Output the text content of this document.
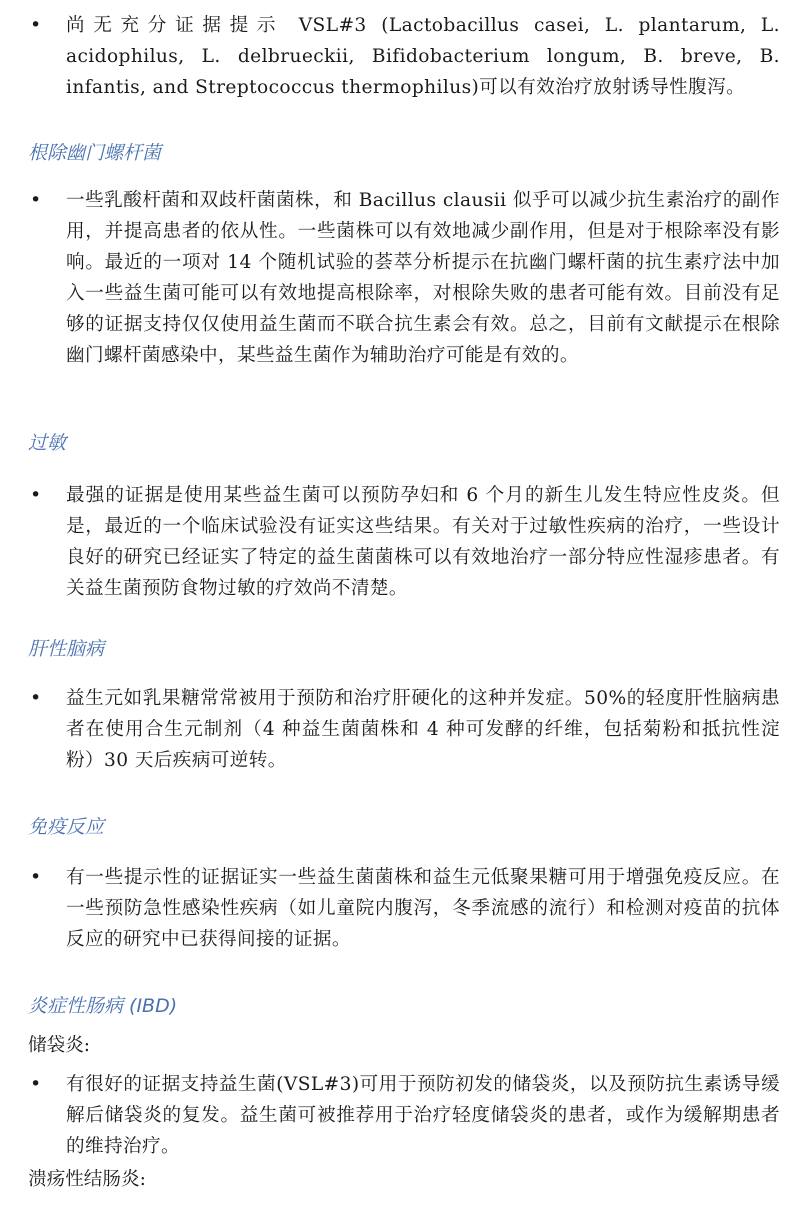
• 尚无充分证据提示 VSL#3 (Lactobacillus casei, L. plantarum, L. acidophilus, L. delbrueckii, Bifidobacterium longum, B. breve, B. infantis, and Streptococcus thermophilus)可以有效治疗放射诱导性腹泻。
根除幽门螺杆菌
• 一些乳酸杆菌和双歧杆菌菌株，和 Bacillus clausii 似乎可以减少抗生素治疗的副作用，并提高患者的依从性。一些菌株可以有效地减少副作用，但是对于根除率没有影响。最近的一项对 14 个随机试验的荟萃分析提示在抗幽门螺杆菌的抗生素疗法中加入一些益生菌可能可以有效地提高根除率，对根除失败的患者可能有效。目前没有足够的证据支持仅仅使用益生菌而不联合抗生素会有效。总之，目前有文献提示在根除幽门螺杆菌感染中，某些益生菌作为辅助治疗可能是有效的。
过敏
• 最强的证据是使用某些益生菌可以预防孕妇和 6 个月的新生儿发生特应性皮炎。但是，最近的一个临床试验没有证实这些结果。有关对于过敏性疾病的治疗，一些设计良好的研究已经证实了特定的益生菌菌株可以有效地治疗一部分特应性湿疹患者。有关益生菌预防食物过敏的疗效尚不清楚。
肝性脑病
• 益生元如乳果糖常常被用于预防和治疗肝硬化的这种并发症。50%的轻度肝性脑病患者在使用合生元制剂（4 种益生菌菌株和 4 种可发酵的纤维，包括菊粉和抵抗性淀粉）30 天后疾病可逆转。
免疫反应
• 有一些提示性的证据证实一些益生菌菌株和益生元低聚果糖可用于增强免疫反应。在一些预防急性感染性疾病（如儿童院内腹泻，冬季流感的流行）和检测对疫苗的抗体反应的研究中已获得间接的证据。
炎症性肠病 (IBD)
储袋炎:
• 有很好的证据支持益生菌(VSL#3)可用于预防初发的储袋炎，以及预防抗生素诱导缓解后储袋炎的复发。益生菌可被推荐用于治疗轻度储袋炎的患者，或作为缓解期患者的维持治疗。
溃疡性结肠炎:
